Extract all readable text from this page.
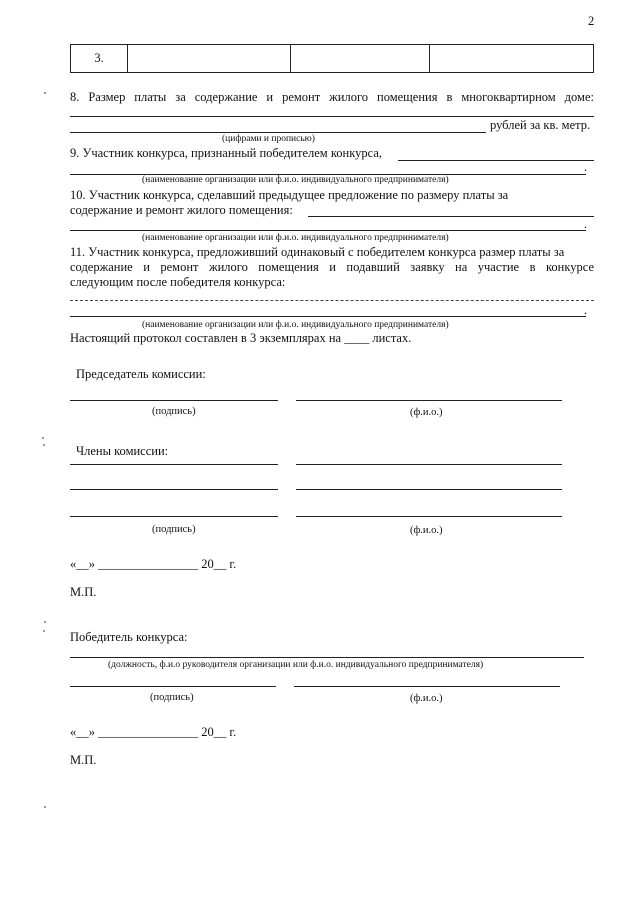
2
3.			
8. Размер платы за содержание и ремонт жилого помещения в многоквартирном доме:
рублей за кв. метр.
(цифрами и прописью)
9. Участник конкурса, признанный победителем конкурса,
.
(наименование организации или ф.и.о. индивидуального предпринимателя)
10. Участник конкурса, сделавший предыдущее предложение по размеру платы за
содержание и ремонт жилого помещения:
.
(наименование организации или ф.и.о. индивидуального предпринимателя)
11. Участник конкурса, предложивший одинаковый с победителем конкурса размер платы за
содержание и ремонт жилого помещения и подавший заявку на участие в конкурсе
следующим после победителя конкурса:
.
(наименование организации или ф.и.о. индивидуального предпринимателя)
Настоящий протокол составлен в 3 экземплярах на ____ листах.
Председатель комиссии:
(подпись)	(ф.и.о.)
Члены комиссии:
(подпись)	(ф.и.о.)
«__» ________________ 20__ г.
М.П.
Победитель конкурса:
(должность, ф.и.о руководителя организации или ф.и.о. индивидуального предпринимателя)
(подпись)	(ф.и.о.)
«__» ________________ 20__ г.
М.П.
